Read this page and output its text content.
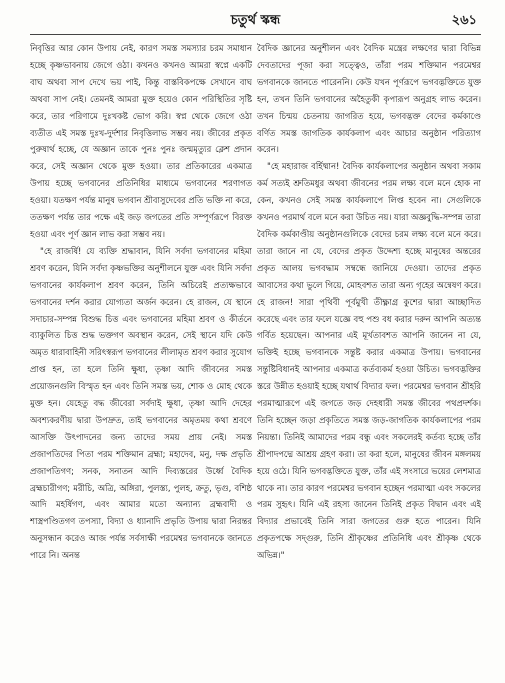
চতুর্থ স্কন্ধ	২৬১

নিবৃত্তির আর কোন উপায় নেই, কারণ সমস্ত সমস্যার চরম সমাধান হচ্ছে কৃষ্ণভাবনায় জেগে ওঠা। কখনও কখনও আমরা স্বপ্নে একটি বাঘ অথবা সাপ দেখে ভয় পাই, কিন্তু বাস্তবিকপক্ষে সেখানে বাঘ অথবা সাপ নেই। তেমনই আমরা মুক্ত হয়েও কোন পরিস্থিতির সৃষ্টি করে, তার পরিণামে দুঃখকষ্ট ভোগ করি। স্বপ্ন থেকে জেগে ওঠা ব্যতীত এই সমস্ত দুঃখ-দুর্দশার নিবৃত্তিলাভ সম্ভব নয়। জীবের প্রকৃত পুরুষার্থ হচ্ছে, যে অজ্ঞান তাকে পুনঃ পুনঃ জন্মমৃত্যুর ক্লেশ প্রদান করে, সেই অজ্ঞান থেকে মুক্ত হওয়া। তার প্রতিকারের একমাত্র উপায় হচ্ছে ভগবানের প্রতিনিধির মাধ্যমে ভগবানের শরণাগত হওয়া। যতক্ষণ পর্যন্ত মানুষ ভগবান শ্রীবাসুদেবের প্রতি ভক্তি না করে, ততক্ষণ পর্যন্ত তার পক্ষে এই জড় জগতের প্রতি সম্পূর্ণরূপে বিরক্ত হওয়া এবং পূর্ণ জ্ঞান লাভ করা সম্ভব নয়।

"হে রাজর্ষি! যে ব্যক্তি শ্রদ্ধাবান, যিনি সর্বদা ভগবানের মহিমা শ্রবণ করেন, যিনি সর্বদা কৃষ্ণভক্তির অনুশীলনে যুক্ত এবং যিনি সর্বদা ভগবানের কার্যকলাপ শ্রবণ করেন, তিনি অচিরেই প্রত্যক্ষভাবে ভগবানের দর্শন করার যোগ্যতা অর্জন করেন। হে রাজন, যে স্থানে সদাচার-সম্পন্ন বিশুদ্ধ চিত্ত এবং ভগবানের মহিমা শ্রবণ ও কীর্তনে ব্যাকুলিত চিত্ত শুদ্ধ ভক্তগণ অবস্থান করেন, সেই স্থানে যদি কেউ অমৃত ধারাবাহিনী সরিৎস্বরূপ ভগবানের লীলামৃত শ্রবণ করার সুযোগ প্রাপ্ত হন, তা হলে তিনি ক্ষুধা, তৃষ্ণা আদি জীবনের সমস্ত প্রয়োজনগুলি বিস্মৃত হন এবং তিনি সমস্ত ভয়, শোক ও মোহ থেকে মুক্ত হন। যেহেতু বদ্ধ জীবেরা সর্বদাই ক্ষুধা, তৃষ্ণা আদি দেহের অবশ্যকরণীয় দ্বারা উপদ্রুত, তাই ভগবানের অমৃতময় কথা শ্রবণে আসক্তি উৎপাদনের জন্য তাদের সময় প্রায় নেই। সমস্ত প্রজাপতিদের পিতা পরম শক্তিমান ব্রহ্মা; মহাদেব, মনু, দক্ষ প্রভৃতি প্রজাপতিগণ; সনক, সনাতন আদি দিব্যস্তরের উর্ধ্বে বৈদিক ব্রহ্মচারীগণ; মরীচি, অত্রি, অঙ্গিরা, পুলস্ত্য, পুলহ, ক্রতু, ভৃগু, বশিষ্ঠ আদি মহর্ষিগণ, এবং আমার মতো অন্যান্য ব্রহ্মবাদী ও শাস্ত্রপণ্ডিতগণ তপস্যা, বিদ্যা ও ধ্যানাদি প্রভৃতি উপায় দ্বারা নিরন্তর অনুসন্ধান করেও আজ পর্যন্ত সর্বসাক্ষী পরমেশ্বর ভগবানকে জানতে পারে নি। অনন্ত

বৈদিক জ্ঞানের অনুশীলন এবং বৈদিক মন্ত্রের লক্ষণের দ্বারা বিভিন্ন দেবতাদের পূজা করা সত্ত্বেও, তাঁরা পরম শক্তিমান পরমেশ্বর ভগবানকে জানতে পারেননি। কেউ যখন পূর্ণরূপে ভগবদ্ভক্তিতে যুক্ত হন, তখন তিনি ভগবানের অহৈতুকী কৃপারূপ অনুগ্রহ লাভ করেন। তখন চিন্ময় চেতনায় জাগরিত হয়ে, ভগবদ্ভক্ত বেদের কর্মকাণ্ডে বর্ণিত সমস্ত জাগতিক কার্যকলাপ এবং আচার অনুষ্ঠান পরিত্যাগ করেন।

"হে মহারাজ বর্হিষ্মান! বৈদিক কার্যকলাপের অনুষ্ঠান অথবা সকাম কর্ম সত্যই শ্রুতিমধুর অথবা জীবনের পরম লক্ষ্য বলে মনে হোক না কেন, কখনও সেই সমস্ত কার্যকলাপে লিপ্ত হবেন না। সেগুলিকে কখনও পরমার্থ বলে মনে করা উচিত নয়। যারা অজ্ঞবুদ্ধি-সম্পন্ন তারা বৈদিক কর্মকাণ্ডীয় অনুষ্ঠানগুলিকে বেদের চরম লক্ষ্য বলে মনে করে। তারা জানে না যে, বেদের প্রকৃত উদ্দেশ্য হচ্ছে মানুষের অন্তরের প্রকৃত আলয় ভগবদ্ধাম সম্বন্ধে জানিয়ে দেওয়া। তাদের প্রকৃত আবাসের কথা ভুলে গিয়ে, মোহবশত তারা অন্য গৃহের অন্বেষণ করে। হে রাজন! সারা পৃথিবী পূর্বমুখী তীক্ষ্ণাগ্র কুশের দ্বারা আচ্ছাদিত করেছে এবং তার ফলে যজ্ঞে বহু পশু বধ করার দরুন আপনি অত্যন্ত গর্বিত হয়েছেন। আপনার এই মূর্খতাবশত আপনি জানেন না যে, ভক্তিই হচ্ছে ভগবানকে সন্তুষ্ট করার একমাত্র উপায়। ভগবানের সন্তুষ্টিবিধানই আপনার একমাত্র কর্তব্যকর্ম হওয়া উচিত। ভগবদ্ভক্তির স্তরে উন্নীত হওয়াই হচ্ছে যথার্থ বিদ্যার ফল। পরমেশ্বর ভগবান শ্রীহরি পরমাত্মারূপে এই জগতে জড় দেহধারী সমস্ত জীবের পথপ্রদর্শক। তিনি হচ্ছেন জড়া প্রকৃতিতে সমস্ত জড়-জাগতিক কার্যকলাপের পরম নিয়ন্তা। তিনিই আমাদের পরম বন্ধু এবং সকলেরই কর্তব্য হচ্ছে তাঁর শ্রীপাদপদ্মে আশ্রয় গ্রহণ করা। তা করা হলে, মানুষের জীবন মঙ্গলময় হয়ে ওঠে। যিনি ভগবদ্ভক্তিতে যুক্ত, তাঁর এই সংসারে ভয়ের লেশমাত্র থাকে না। তার কারণ পরমেশ্বর ভগবান হচ্ছেন পরমাত্মা এবং সকলের পরম সুহৃৎ। যিনি এই রহস্য জানেন তিনিই প্রকৃত বিদ্বান এবং এই বিদ্যার প্রভাবেই তিনি সারা জগতের গুরু হতে পারেন। যিনি প্রকৃতপক্ষে সদ্গুরু, তিনি শ্রীকৃষ্ণের প্রতিনিধি এবং শ্রীকৃষ্ণ থেকে অভিন্ন।"
